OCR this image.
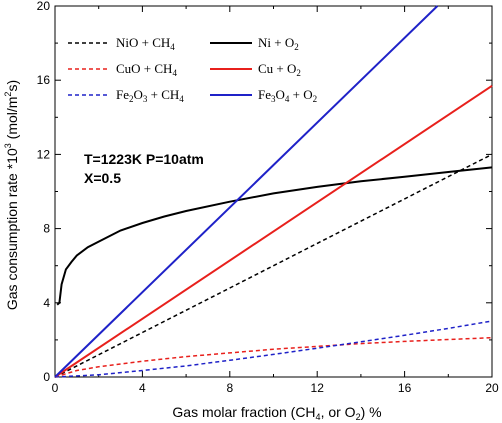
0	4	8	12	16	20
0
4
8
12
16
20
Gas molar fraction ($CH_4$, or $O_2$) %
Gas consumption rate $*10^3$ $(mol/m^2s)$
NiO + $CH_4$
CuO + $CH_4$
$Fe_2O_3 + CH_4$
$Ni + O_2$
$Cu + O_2$
$Fe_3O_4 + O_2$
T=1223K P=10atm
X=0.5
